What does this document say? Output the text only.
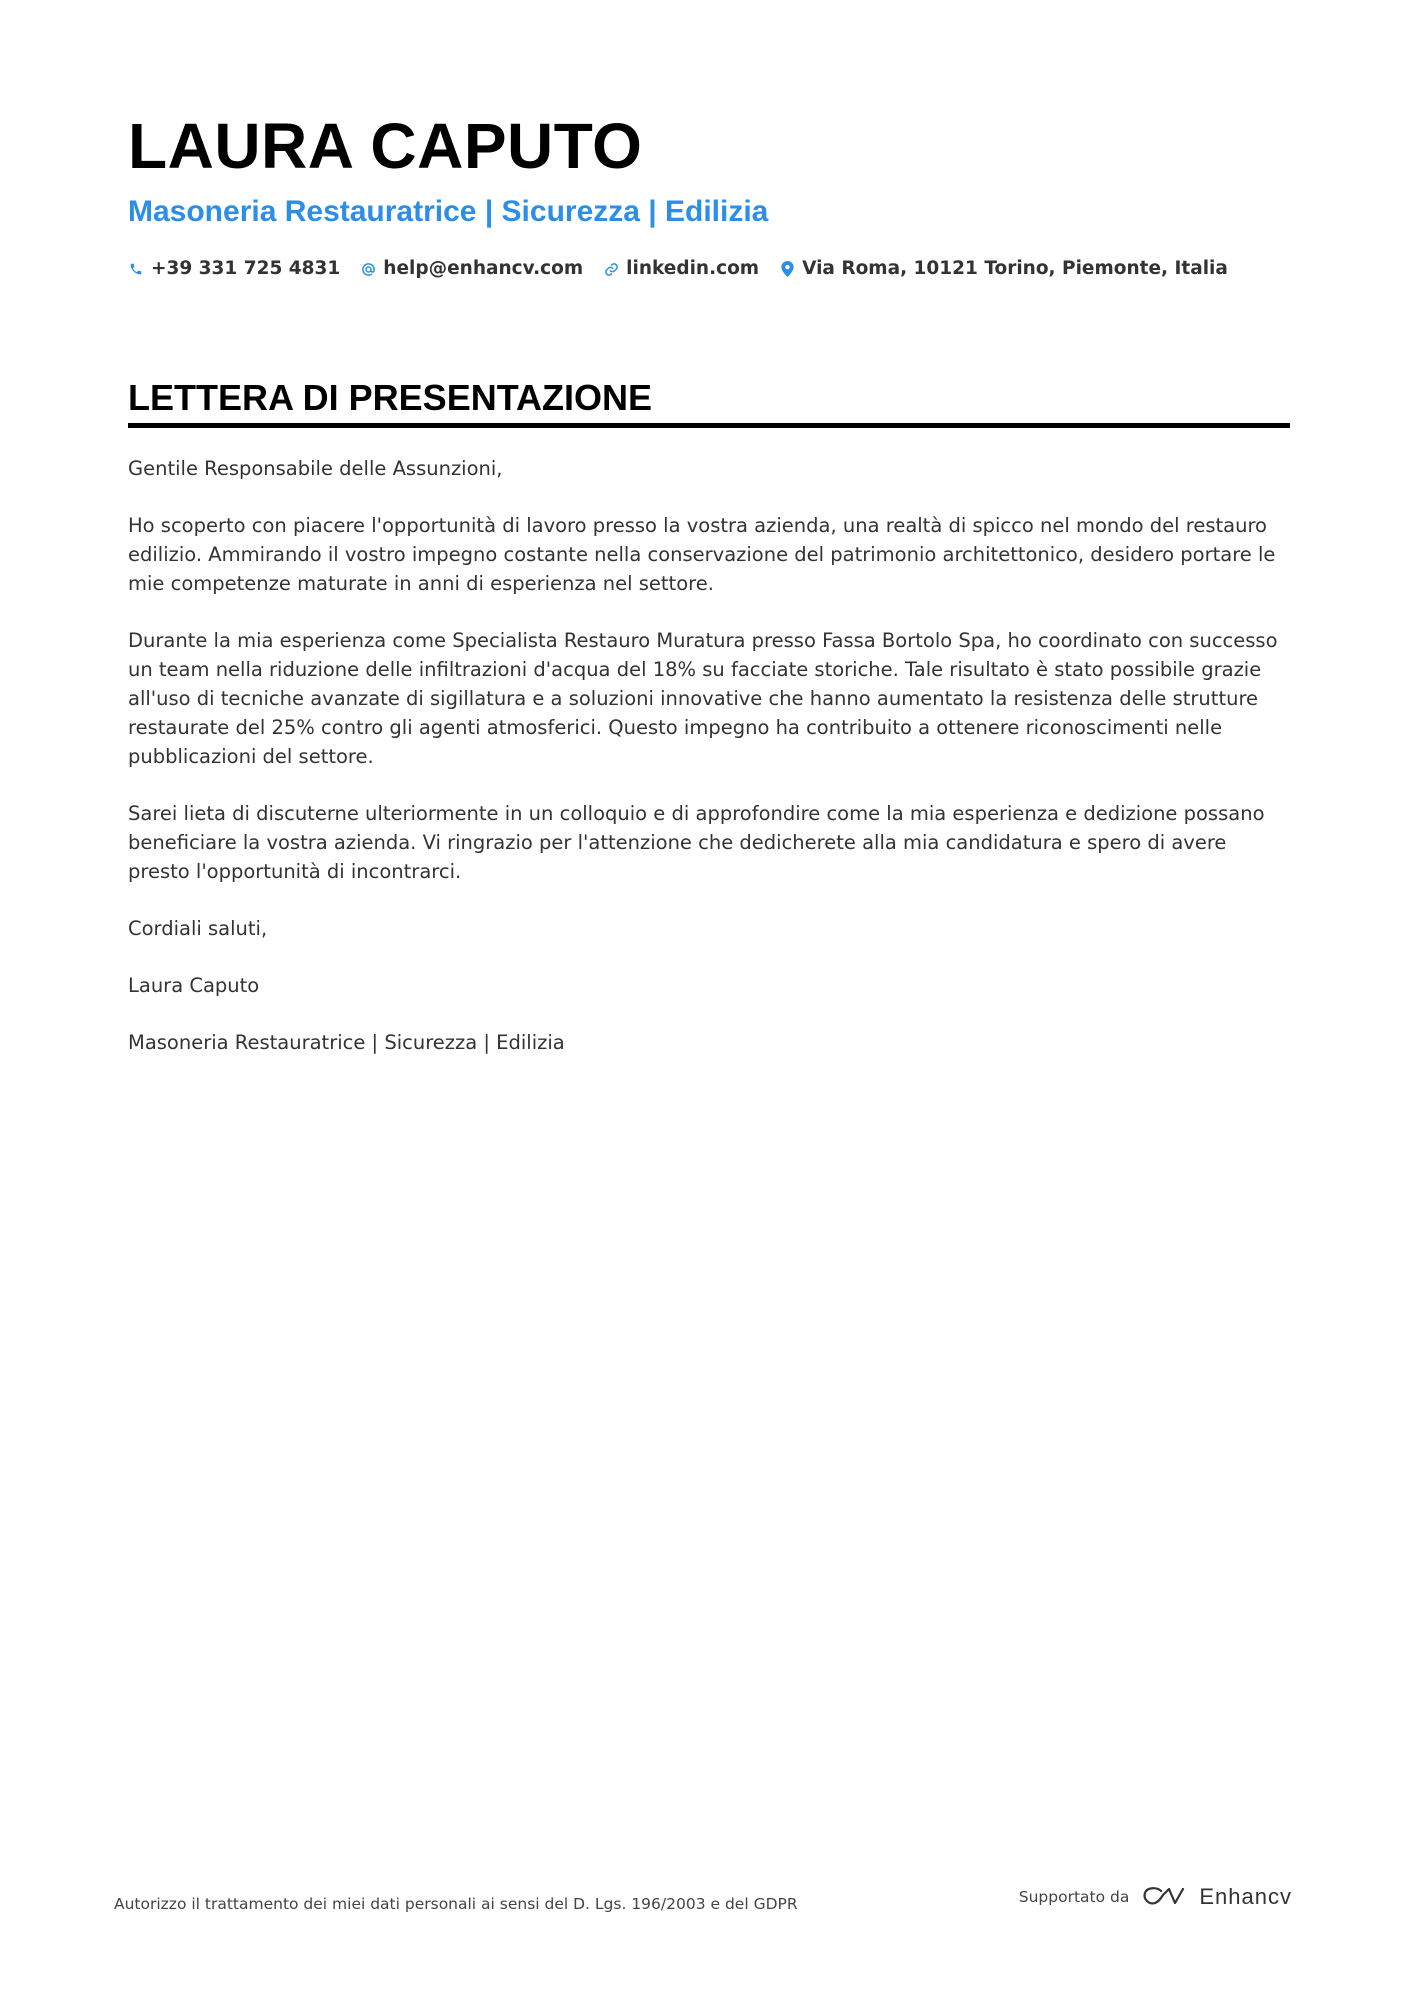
LAURA CAPUTO
Masoneria Restauratrice | Sicurezza | Edilizia
+39 331 725 4831 help@enhancv.com linkedin.com Via Roma, 10121 Torino, Piemonte, Italia
LETTERA DI PRESENTAZIONE

Gentile Responsabile delle Assunzioni,

Ho scoperto con piacere l'opportunità di lavoro presso la vostra azienda, una realtà di spicco nel mondo del restauro edilizio. Ammirando il vostro impegno costante nella conservazione del patrimonio architettonico, desidero portare le mie competenze maturate in anni di esperienza nel settore.

Durante la mia esperienza come Specialista Restauro Muratura presso Fassa Bortolo Spa, ho coordinato con successo un team nella riduzione delle infiltrazioni d'acqua del 18% su facciate storiche. Tale risultato è stato possibile grazie all'uso di tecniche avanzate di sigillatura e a soluzioni innovative che hanno aumentato la resistenza delle strutture restaurate del 25% contro gli agenti atmosferici. Questo impegno ha contribuito a ottenere riconoscimenti nelle pubblicazioni del settore.

Sarei lieta di discuterne ulteriormente in un colloquio e di approfondire come la mia esperienza e dedizione possano beneficiare la vostra azienda. Vi ringrazio per l'attenzione che dedicherete alla mia candidatura e spero di avere presto l'opportunità di incontrarci.

Cordiali saluti,

Laura Caputo

Masoneria Restauratrice | Sicurezza | Edilizia

Autorizzo il trattamento dei miei dati personali ai sensi del D. Lgs. 196/2003 e del GDPR	Supportato da	Enhancv
